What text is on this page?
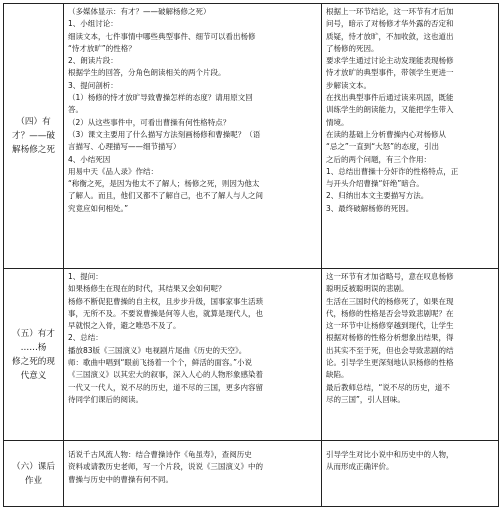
（四）有
才？——破
解杨修之死
（多媒体显示：有才？——破解杨修之死）
1、小组讨论：
细读文本，七件事情中哪些典型事件、细节可以看出杨修
“恃才放旷”的性格？
2、朗读片段：
根据学生的回答，分角色朗读相关的两个片段。
3、提问剖析：
（1）杨修的恃才放旷导致曹操怎样的态度？请用原文回
答。
（2）从这些事件中，可看出曹操有何性格特点？
（3）课文主要用了什么描写方法刻画杨修和曹操呢？（语
言描写、心理描写——细节描写）
4、小结死因
用易中天《品人录》作结：
“称衡之死，是因为他太不了解人；杨修之死，则因为他太
了解人。而且，他们又都不了解自己，也不了解人与人之间
究竟应如何相处。”
根据上一环节结论，这一环节有才后加
问号，暗示了对杨修才华外露的否定和
质疑，恃才放旷，不加收敛，这也道出
了杨修的死因。
要求学生通过讨论主动发现能表现杨修
恃才放旷的典型事件，带领学生更进一
步解读文本。
在找出典型事件后通过读来巩固，既能
训练学生的朗读能力，又能把学生带入
情境。
在读的基础上分析曹操内心对杨修从
“忌之”一直到“大怒”的态度，引出
之后的两个问题，有三个作用：
1、总结出曹操十分奸诈的性格特点，正
与开头介绍曹操“奸绝”暗合。
2、归纳出本文主要描写方法。
3、最终破解杨修的死因。
（五）有才
……杨
修之死的现
代意义
1、提问：
如果杨修生在现在的时代，其结果又会如何呢？
杨修不断促犯曹操的自主权，且步步升级，国事家事生活琐
事，无所不及。不要说曹操是何等人也，就算是现代人，也
早就恨之入骨，避之唯恐不及了。
2、总结：
播放83版《三国演义》电视剧片尾曲《历史的天空》。
师：歌曲中唱到“眼前飞扬着一个个，鲜活的面容。”小说
《三国演义》以其宏大的叙事，深入人心的人物形象感染着
一代又一代人，说不尽的历史，道不尽的三国，更多内容留
待同学们课后的阅读。
这一环节有才加省略号，意在叹息杨修
聪明反被聪明误的悲剧。
生活在三国时代的杨修死了，如果在现
代，杨修的性格是否会导致悲剧呢？在
这一环节中让杨修穿越到现代，让学生
根据对杨修的性格分析想象出结果，得
出其实不至于死，但也会导致悲剧的结
论。引导学生更深刻地认识杨修的性格
缺陷。
最后教师总结，“说不尽的历史，道不
尽的三国”，引人回味。
（六）课后
作业
话说千古风流人物：结合曹操诗作《龟虽寿》，查阅历史
资料或请教历史老师，写一个片段，说说《三国演义》中的
曹操与历史中的曹操有何不同。
引导学生对比小说中和历史中的人物，
从而形成正确评价。
